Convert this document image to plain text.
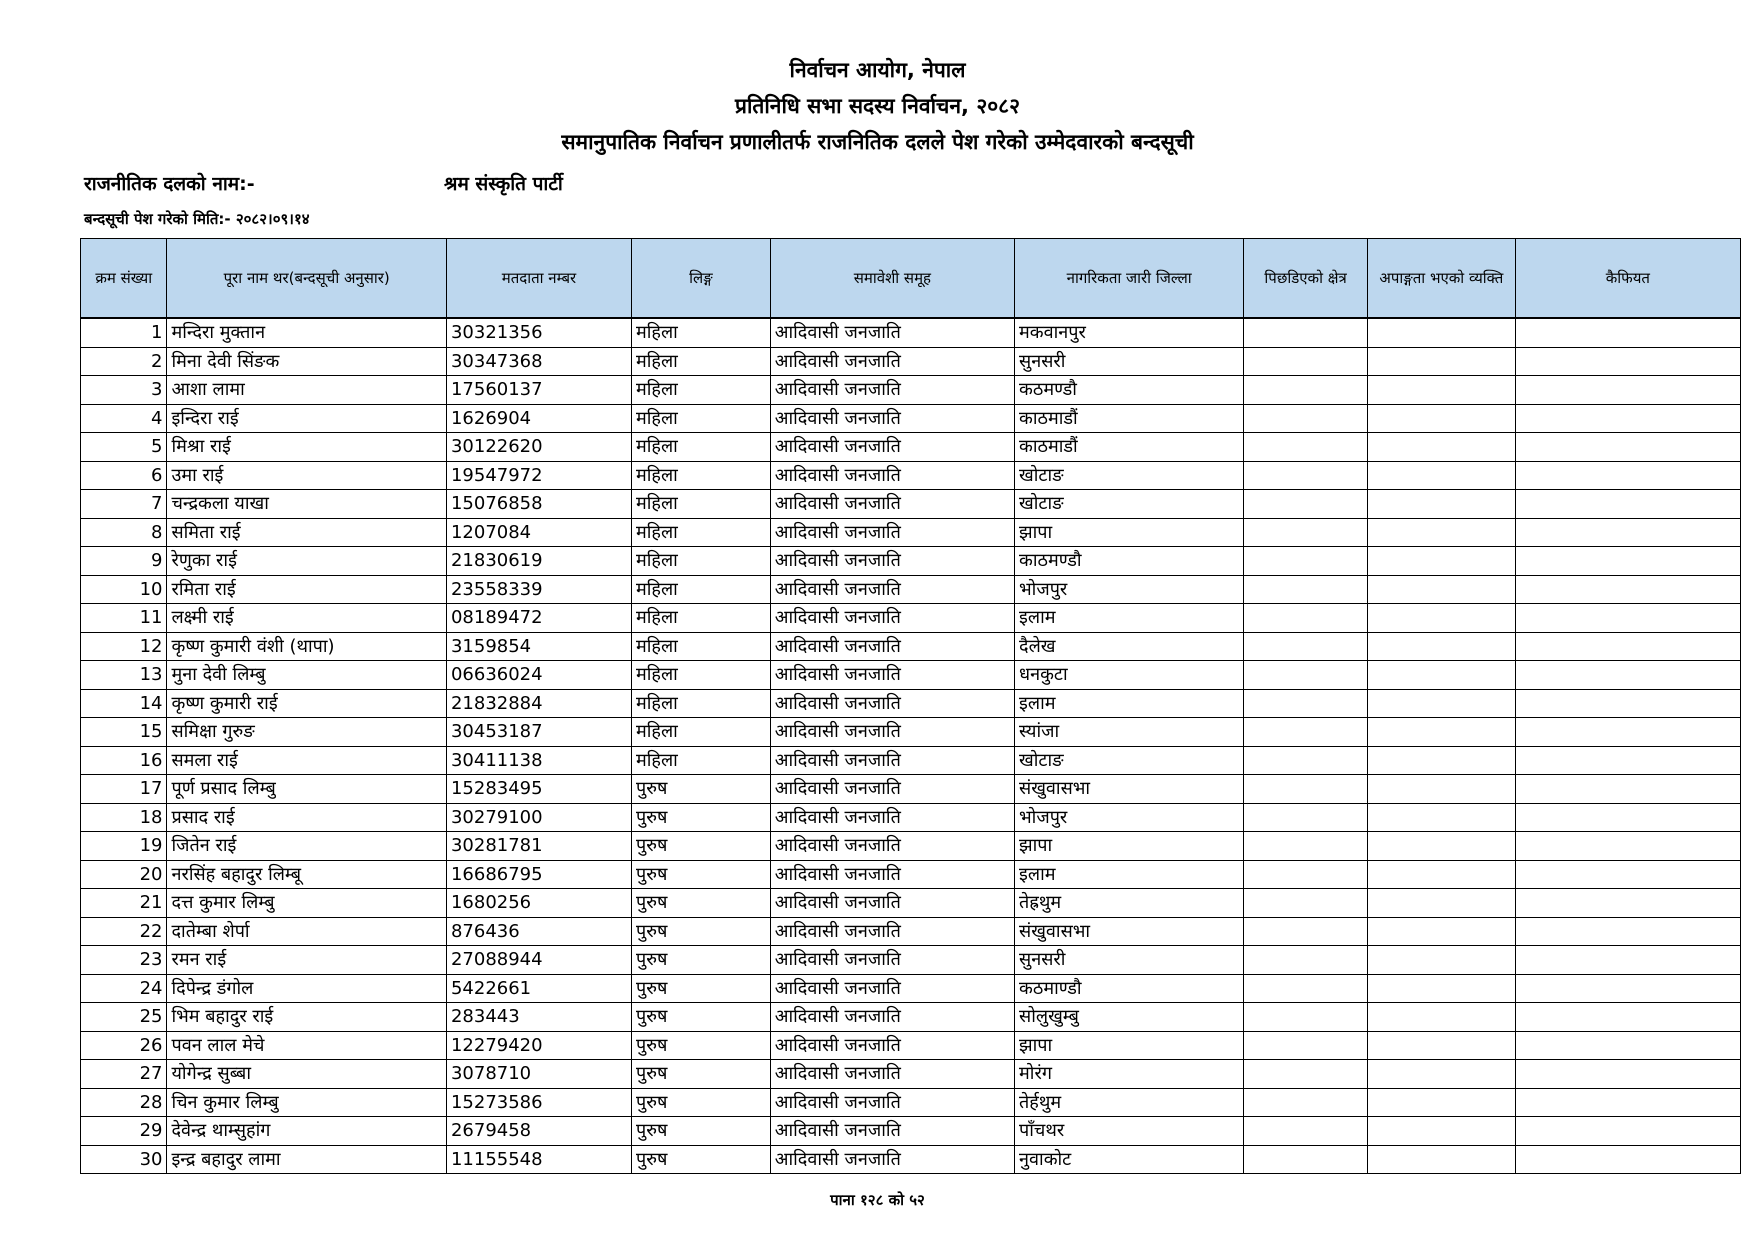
निर्वाचन आयोग, नेपाल
प्रतिनिधि सभा सदस्य निर्वाचन, २०८२
समानुपातिक निर्वाचन प्रणालीतर्फ राजनितिक दलले पेश गरेको उम्मेदवारको बन्दसूची
राजनीतिक दलको नाम:-	श्रम संस्कृति पार्टी
बन्दसूची पेश गरेको मिति:- २०८२।०९।१४
क्रम संख्या	पूरा नाम थर(बन्दसूची अनुसार)	मतदाता नम्बर	लिङ्ग	समावेशी समूह	नागरिकता जारी जिल्ला	पिछडिएको क्षेत्र	अपाङ्गता भएको व्यक्ति	कैफियत
1	मन्दिरा मुक्तान	30321356	महिला	आदिवासी जनजाति	मकवानपुर			
2	मिना देवी सिंङक	30347368	महिला	आदिवासी जनजाति	सुनसरी			
3	आशा लामा	17560137	महिला	आदिवासी जनजाति	कठमण्डौ			
4	इन्दिरा राई	1626904	महिला	आदिवासी जनजाति	काठमाडौं			
5	मिश्रा राई	30122620	महिला	आदिवासी जनजाति	काठमाडौं			
6	उमा राई	19547972	महिला	आदिवासी जनजाति	खोटाङ			
7	चन्द्रकला याखा	15076858	महिला	आदिवासी जनजाति	खोटाङ			
8	समिता राई	1207084	महिला	आदिवासी जनजाति	झापा			
9	रेणुका राई	21830619	महिला	आदिवासी जनजाति	काठमण्डौ			
10	रमिता राई	23558339	महिला	आदिवासी जनजाति	भोजपुर			
11	लक्ष्मी राई	08189472	महिला	आदिवासी जनजाति	इलाम			
12	कृष्ण कुमारी वंशी (थापा)	3159854	महिला	आदिवासी जनजाति	दैलेख			
13	मुना देवी लिम्बु	06636024	महिला	आदिवासी जनजाति	धनकुटा			
14	कृष्ण कुमारी राई	21832884	महिला	आदिवासी जनजाति	इलाम			
15	समिक्षा गुरुङ	30453187	महिला	आदिवासी जनजाति	स्यांजा			
16	समला राई	30411138	महिला	आदिवासी जनजाति	खोटाङ			
17	पूर्ण प्रसाद लिम्बु	15283495	पुरुष	आदिवासी जनजाति	संखुवासभा			
18	प्रसाद राई	30279100	पुरुष	आदिवासी जनजाति	भोजपुर			
19	जितेन राई	30281781	पुरुष	आदिवासी जनजाति	झापा			
20	नरसिंह बहादुर लिम्बू	16686795	पुरुष	आदिवासी जनजाति	इलाम			
21	दत्त कुमार लिम्बु	1680256	पुरुष	आदिवासी जनजाति	तेह्रथुम			
22	दातेम्बा शेर्पा	876436	पुरुष	आदिवासी जनजाति	संखुवासभा			
23	रमन राई	27088944	पुरुष	आदिवासी जनजाति	सुनसरी			
24	दिपेन्द्र डंगोल	5422661	पुरुष	आदिवासी जनजाति	कठमाण्डौ			
25	भिम बहादुर राई	283443	पुरुष	आदिवासी जनजाति	सोलुखुम्बु			
26	पवन लाल मेचे	12279420	पुरुष	आदिवासी जनजाति	झापा			
27	योगेन्द्र सुब्बा	3078710	पुरुष	आदिवासी जनजाति	मोरंग			
28	चिन कुमार लिम्बु	15273586	पुरुष	आदिवासी जनजाति	तेर्हथुम			
29	देवेन्द्र थाम्सुहांग	2679458	पुरुष	आदिवासी जनजाति	पाँचथर			
30	इन्द्र बहादुर लामा	11155548	पुरुष	आदिवासी जनजाति	नुवाकोट			
पाना १२८ को ५२
